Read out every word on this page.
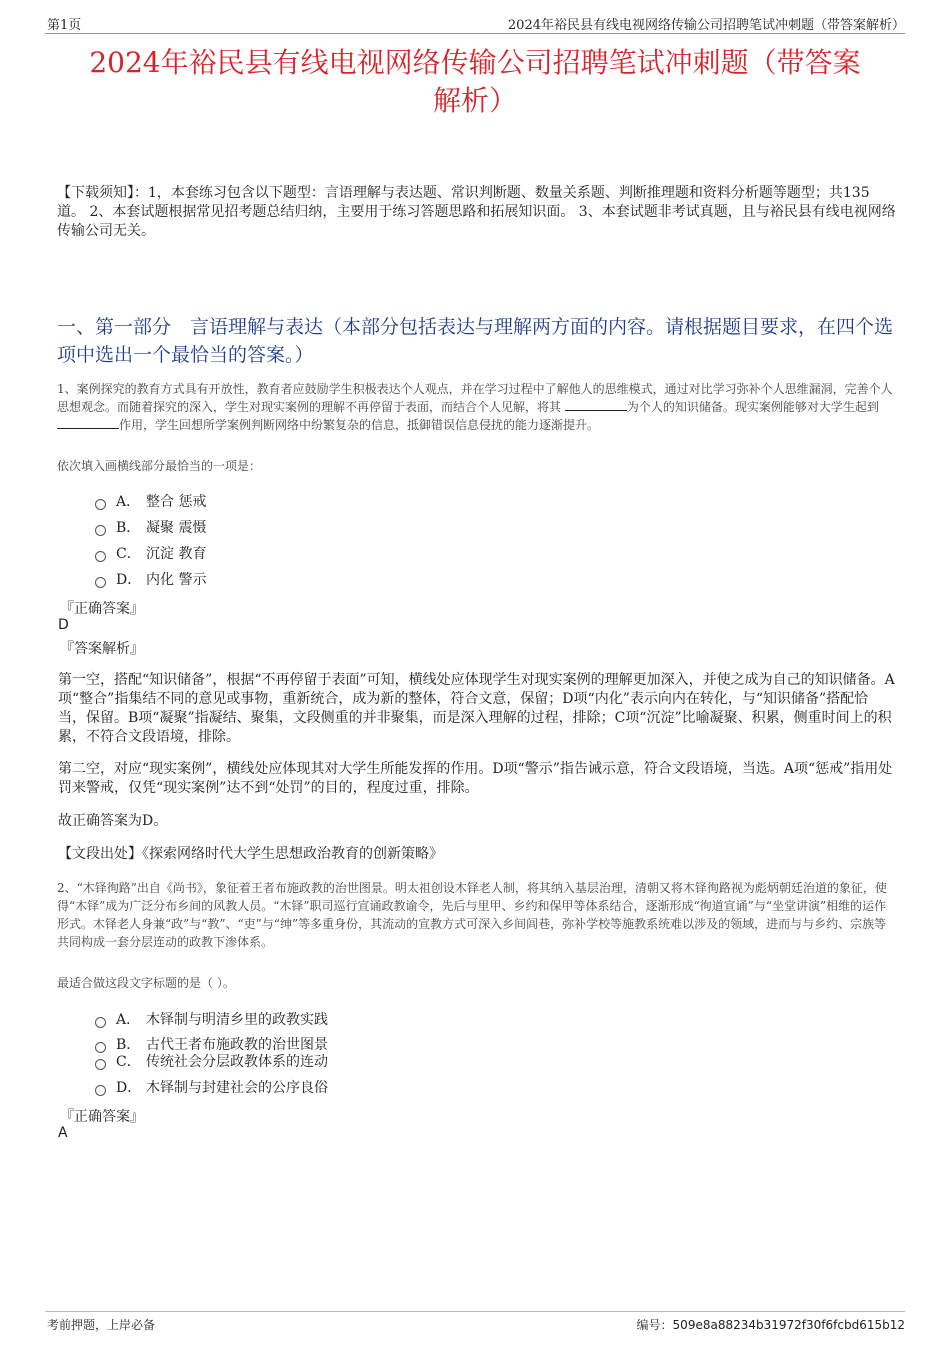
第1页	2024年裕民县有线电视网络传输公司招聘笔试冲刺题（带答案解析）
2024年裕民县有线电视网络传输公司招聘笔试冲刺题（带答案
解析）
【下载须知】：1，本套练习包含以下题型：言语理解与表达题、常识判断题、数量关系题、判断推理题和资料分析题等题型；共135道。 2、本套试题根据常见招考题总结归纳，主要用于练习答题思路和拓展知识面。 3、本套试题非考试真题，且与裕民县有线电视网络传输公司无关。
一、第一部分　言语理解与表达（本部分包括表达与理解两方面的内容。请根据题目要求，在四个选项中选出一个最恰当的答案。）
1、案例探究的教育方式具有开放性，教育者应鼓励学生积极表达个人观点，并在学习过程中了解他人的思维模式，通过对比学习弥补个人思维漏洞，完善个人思想观念。而随着探究的深入，学生对现实案例的理解不再停留于表面，而结合个人见解，将其	为个人的知识储备。现实案例能够对大学生起到 作用，学生回想所学案例判断网络中纷繁复杂的信息，抵御错误信息侵扰的能力逐渐提升。
依次填入画横线部分最恰当的一项是：
A． 整合 惩戒
B． 凝聚 震慑
C． 沉淀 教育
D． 内化 警示
『正确答案』
D
『答案解析』
第一空，搭配“知识储备”，根据“不再停留于表面”可知，横线处应体现学生对现实案例的理解更加深入，并使之成为自己的知识储备。A项“整合”指集结不同的意见或事物，重新统合，成为新的整体，符合文意，保留；D项“内化”表示向内在转化，与“知识储备”搭配恰当，保留。B项“凝聚”指凝结、聚集，文段侧重的并非聚集，而是深入理解的过程，排除；C项“沉淀”比喻凝聚、积累，侧重时间上的积累，不符合文段语境，排除。
第二空，对应“现实案例”，横线处应体现其对大学生所能发挥的作用。D项“警示”指告诫示意，符合文段语境，当选。A项“惩戒”指用处罚来警戒，仅凭“现实案例”达不到“处罚”的目的，程度过重，排除。
故正确答案为D。
【文段出处】《探索网络时代大学生思想政治教育的创新策略》
2、“木铎徇路”出自《尚书》，象征着王者布施政教的治世图景。明太祖创设木铎老人制，将其纳入基层治理，清朝又将木铎徇路视为彪炳朝廷治道的象征，使得“木铎”成为广泛分布乡间的风教人员。“木铎”职司巡行宣诵政教谕令，先后与里甲、乡约和保甲等体系结合，逐渐形成“徇道宣诵”与“坐堂讲演”相维的运作形式。木铎老人身兼“政”与“教”、“吏”与“绅”等多重身份，其流动的宣教方式可深入乡间闾巷，弥补学校等施教系统难以涉及的领域，进而与与乡约、宗族等共同构成一套分层连动的政教下渗体系。
最适合做这段文字标题的是（ ）。
A． 木铎制与明清乡里的政教实践
B． 古代王者布施政教的治世图景
C． 传统社会分层政教体系的连动
D． 木铎制与封建社会的公序良俗
『正确答案』
A
考前押题，上岸必备	编号：509e8a88234b31972f30f6fcbd615b12
